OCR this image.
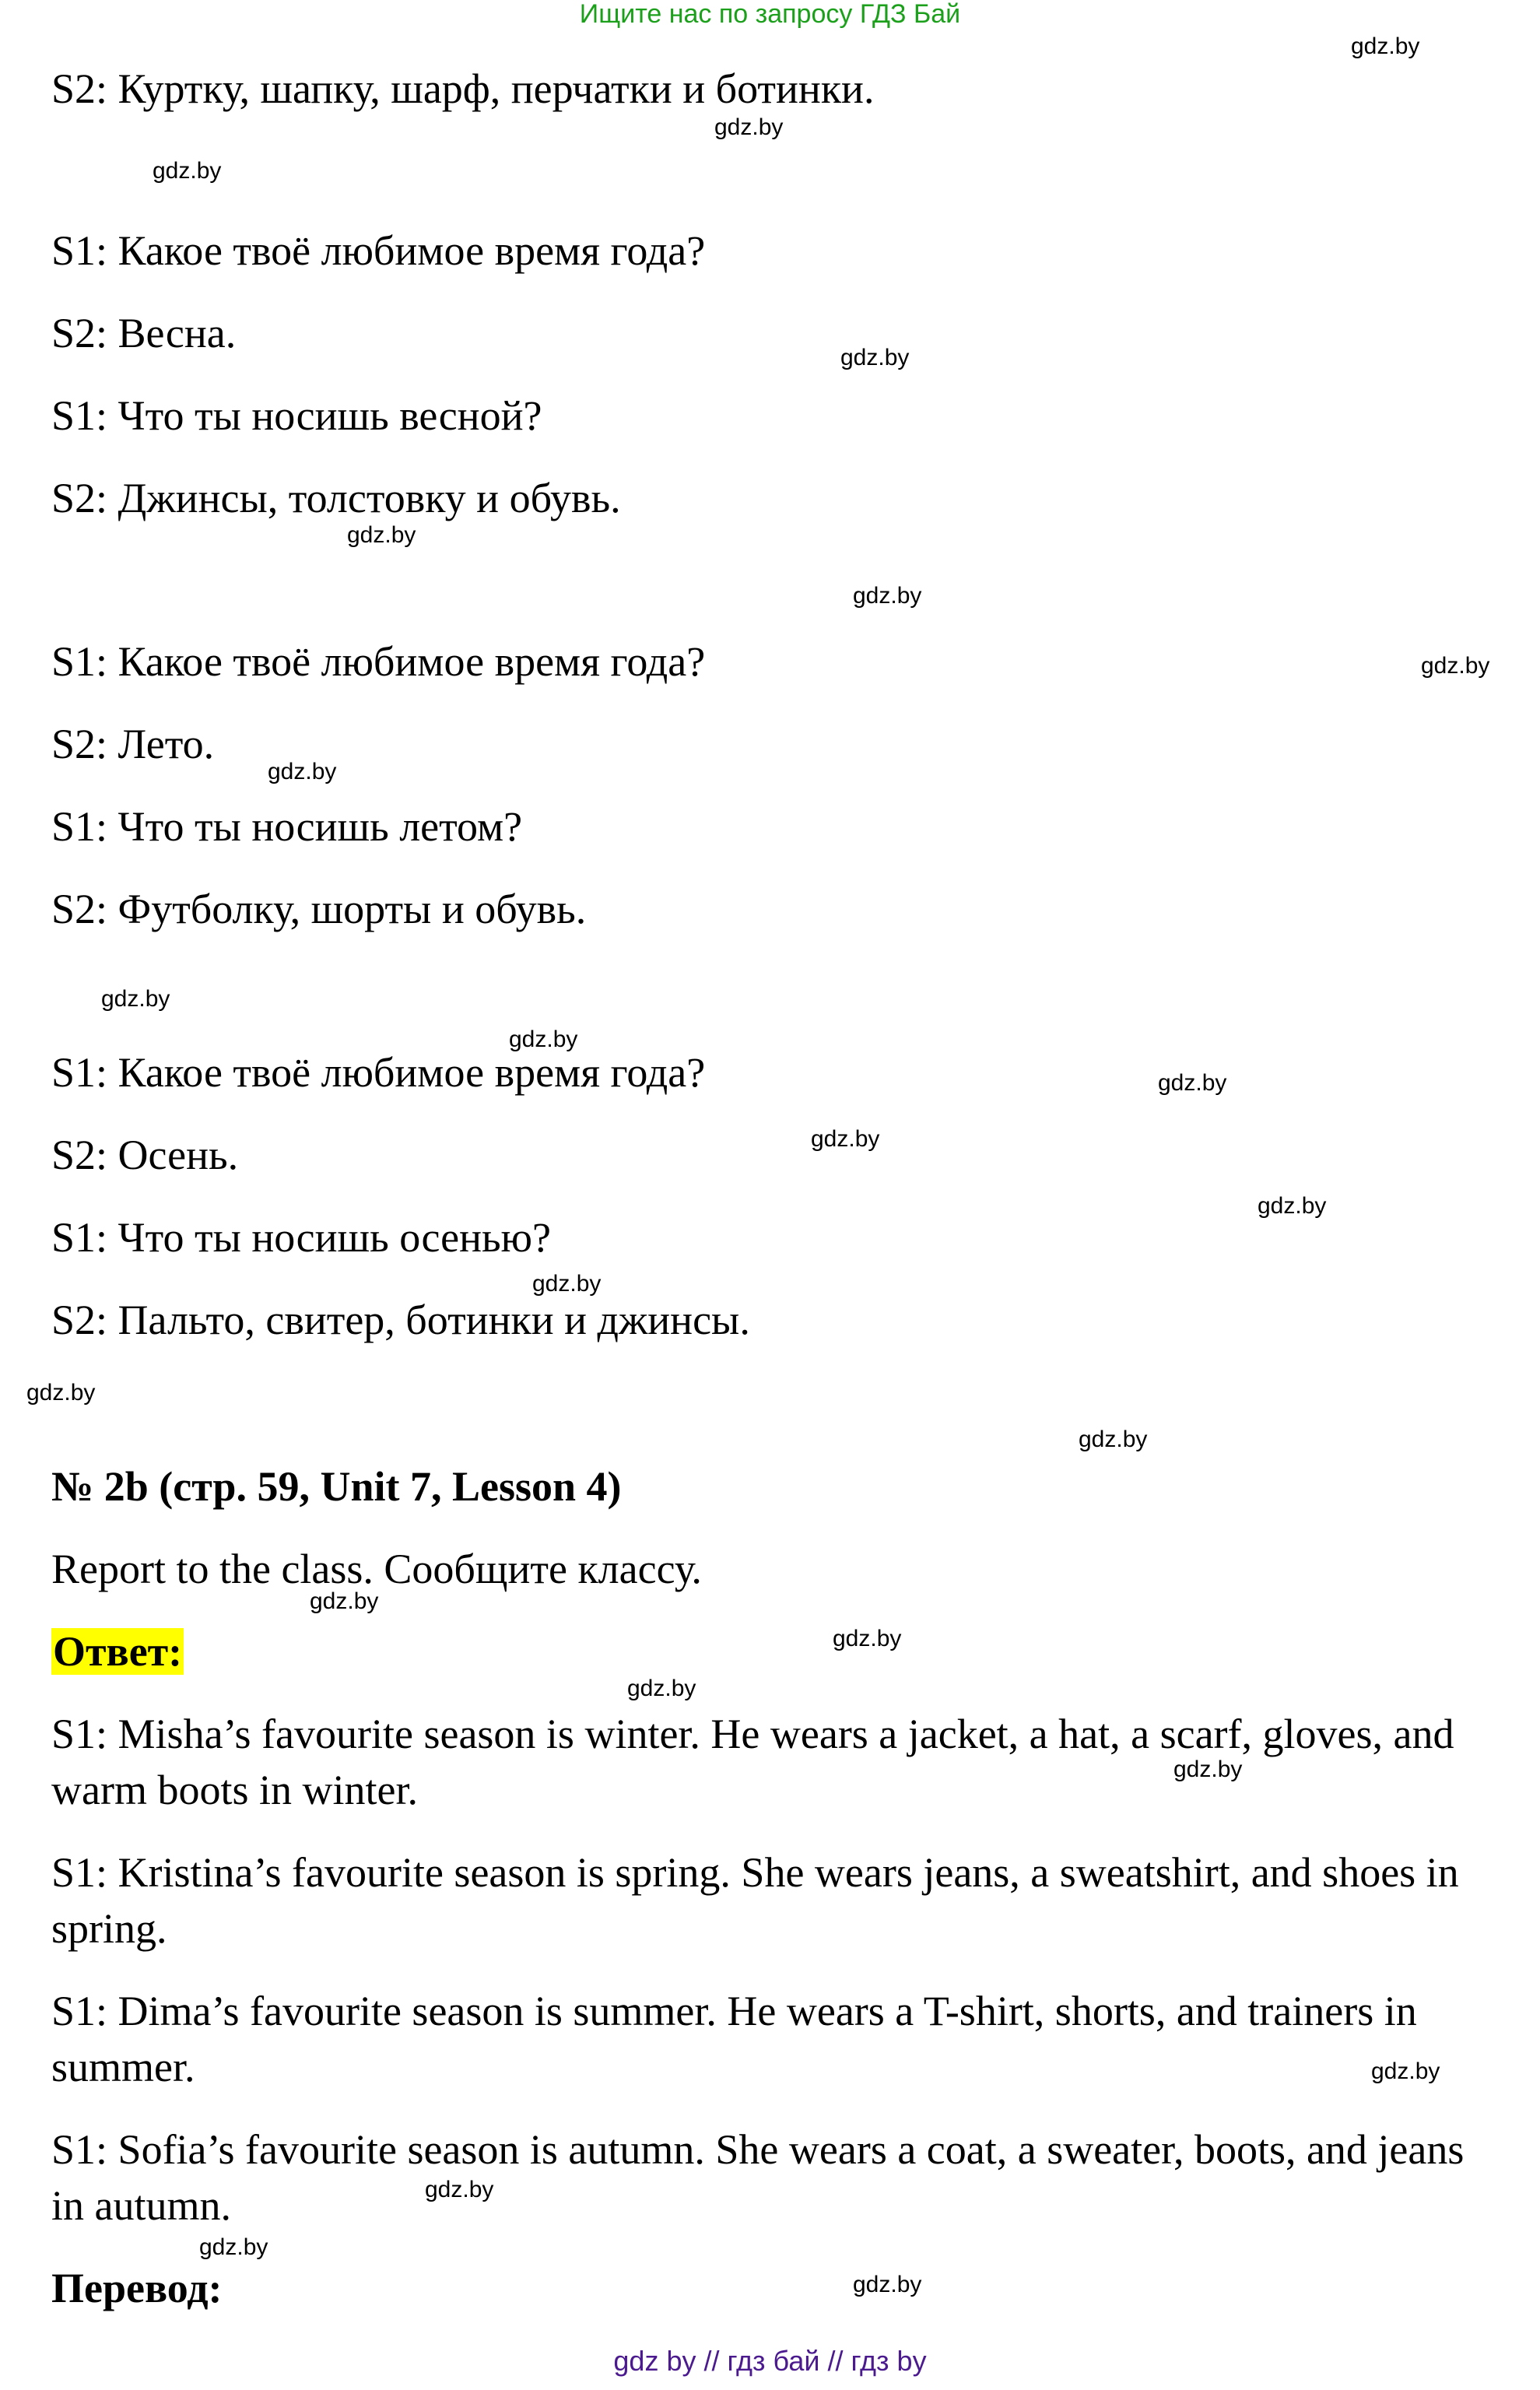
Ищите нас по запросу ГДЗ Бай
S2: Куртку, шапку, шарф, перчатки и ботинки.
S1: Какое твоё любимое время года?
S2: Весна.
S1: Что ты носишь весной?
S2: Джинсы, толстовку и обувь.
S1: Какое твоё любимое время года?
S2: Лето.
S1: Что ты носишь летом?
S2: Футболку, шорты и обувь.
S1: Какое твоё любимое время года?
S2: Осень.
S1: Что ты носишь осенью?
S2: Пальто, свитер, ботинки и джинсы.
№ 2b (стр. 59, Unit 7, Lesson 4)
Report to the class. Сообщите классу.
Ответ:
S1: Misha’s favourite season is winter. He wears a jacket, a hat, a scarf, gloves, and warm boots in winter.
S1: Kristina’s favourite season is spring. She wears jeans, a sweatshirt, and shoes in spring.
S1: Dima’s favourite season is summer. He wears a T-shirt, shorts, and trainers in summer.
S1: Sofia’s favourite season is autumn. She wears a coat, a sweater, boots, and jeans in autumn.
Перевод:
gdz.by
gdz.by
gdz.by
gdz.by
gdz.by
gdz.by
gdz.by
gdz.by
gdz.by
gdz.by
gdz.by
gdz.by
gdz.by
gdz.by
gdz.by
gdz.by
gdz.by
gdz.by
gdz.by
gdz.by
gdz.by
gdz.by
gdz.by
gdz.by
gdz by // гдз бай // гдз by
